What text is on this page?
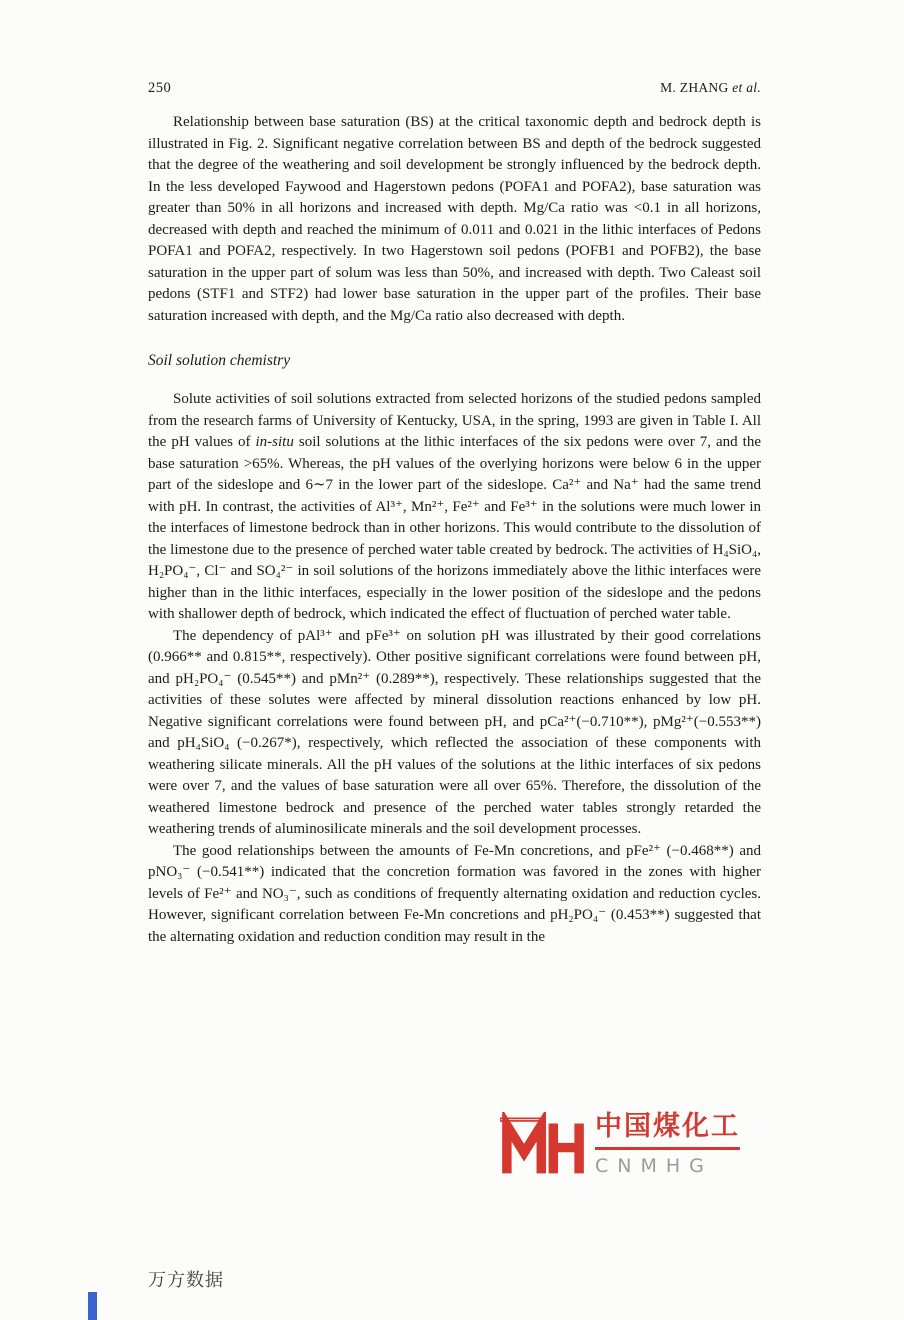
250	M. ZHANG et al.

Relationship between base saturation (BS) at the critical taxonomic depth and bedrock depth is illustrated in Fig. 2. Significant negative correlation between BS and depth of the bedrock suggested that the degree of the weathering and soil development be strongly influenced by the bedrock depth. In the less developed Faywood and Hagerstown pedons (POFA1 and POFA2), base saturation was greater than 50% in all horizons and increased with depth. Mg/Ca ratio was <0.1 in all horizons, decreased with depth and reached the minimum of 0.011 and 0.021 in the lithic interfaces of Pedons POFA1 and POFA2, respectively. In two Hagerstown soil pedons (POFB1 and POFB2), the base saturation in the upper part of solum was less than 50%, and increased with depth. Two Caleast soil pedons (STF1 and STF2) had lower base saturation in the upper part of the profiles. Their base saturation increased with depth, and the Mg/Ca ratio also decreased with depth.

Soil solution chemistry

Solute activities of soil solutions extracted from selected horizons of the studied pedons sampled from the research farms of University of Kentucky, USA, in the spring, 1993 are given in Table I. All the pH values of in-situ soil solutions at the lithic interfaces of the six pedons were over 7, and the base saturation >65%. Whereas, the pH values of the overlying horizons were below 6 in the upper part of the sideslope and 6∼7 in the lower part of the sideslope. Ca²⁺ and Na⁺ had the same trend with pH. In contrast, the activities of Al³⁺, Mn²⁺, Fe²⁺ and Fe³⁺ in the solutions were much lower in the interfaces of limestone bedrock than in other horizons. This would contribute to the dissolution of the limestone due to the presence of perched water table created by bedrock. The activities of H₄SiO₄, H₂PO₄⁻, Cl⁻ and SO₄²⁻ in soil solutions of the horizons immediately above the lithic interfaces were higher than in the lithic interfaces, especially in the lower position of the sideslope and the pedons with shallower depth of bedrock, which indicated the effect of fluctuation of perched water table.

The dependency of pAl³⁺ and pFe³⁺ on solution pH was illustrated by their good correlations (0.966** and 0.815**, respectively). Other positive significant correlations were found between pH, and pH₂PO₄⁻ (0.545**) and pMn²⁺ (0.289**), respectively. These relationships suggested that the activities of these solutes were affected by mineral dissolution reactions enhanced by low pH. Negative significant correlations were found between pH, and pCa²⁺(−0.710**), pMg²⁺(−0.553**) and pH₄SiO₄ (−0.267*), respectively, which reflected the association of these components with weathering silicate minerals. All the pH values of the solutions at the lithic interfaces of six pedons were over 7, and the values of base saturation were all over 65%. Therefore, the dissolution of the weathered limestone bedrock and presence of the perched water tables strongly retarded the weathering trends of aluminosilicate minerals and the soil development processes.

The good relationships between the amounts of Fe-Mn concretions, and pFe²⁺ (−0.468**) and pNO₃⁻ (−0.541**) indicated that the concretion formation was favored in the zones with higher levels of Fe²⁺ and NO₃⁻, such as conditions of frequently alternating oxidation and reduction cycles. However, significant correlation between Fe-Mn concretions and pH₂PO₄⁻ (0.453**) suggested that the alternating oxidation and reduction condition may result in the

中国煤化工
CNMHG
万方数据
